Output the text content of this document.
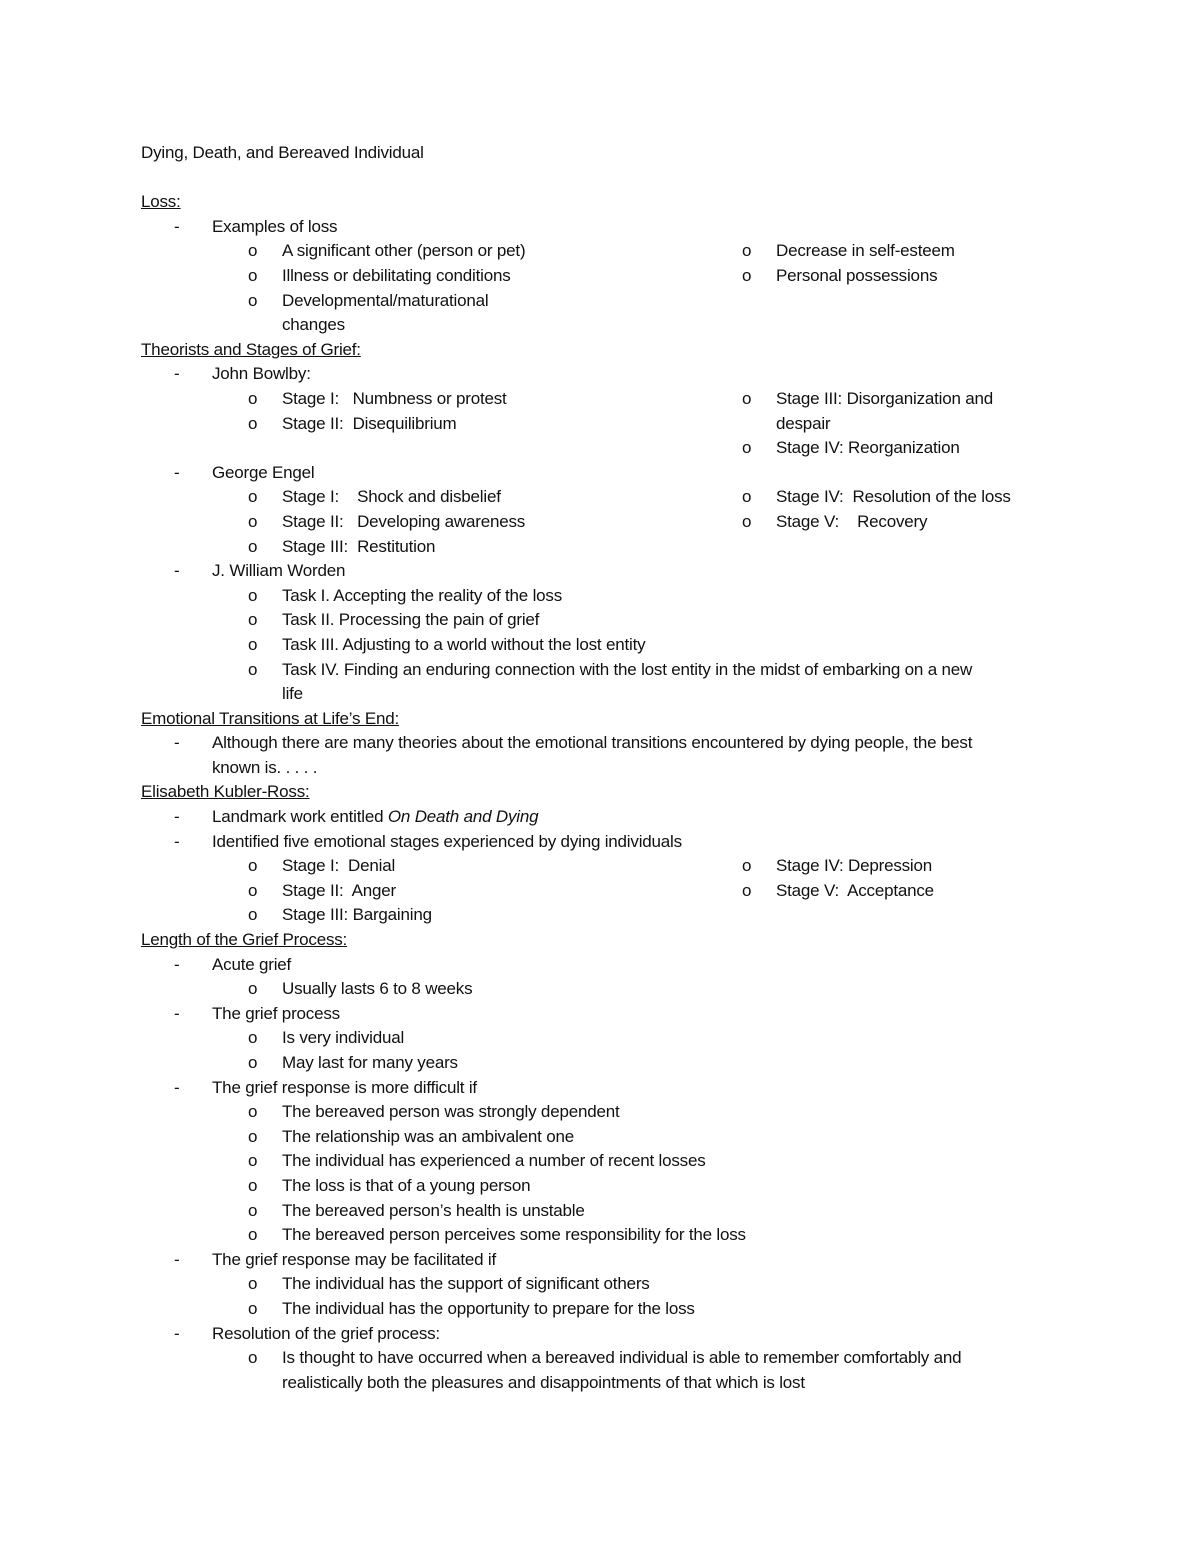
Dying, Death, and Bereaved Individual
Loss:
- Examples of loss
o A significant other (person or pet)
o Illness or debilitating conditions
o Developmental/maturational
changes
o Decrease in self-esteem
o Personal possessions
Theorists and Stages of Grief:
- John Bowlby:
o Stage I:   Numbness or protest
o Stage II:  Disequilibrium
o Stage III: Disorganization and
despair
o Stage IV: Reorganization
- George Engel
o Stage I:    Shock and disbelief
o Stage II:   Developing awareness
o Stage III:  Restitution
o Stage IV:  Resolution of the loss
o Stage V:    Recovery
- J. William Worden
o Task I. Accepting the reality of the loss
o Task II. Processing the pain of grief
o Task III. Adjusting to a world without the lost entity
o Task IV. Finding an enduring connection with the lost entity in the midst of embarking on a new
life
Emotional Transitions at Life’s End:
- Although there are many theories about the emotional transitions encountered by dying people, the best
known is. . . . .
Elisabeth Kubler-Ross:
- Landmark work entitled On Death and Dying
- Identified five emotional stages experienced by dying individuals
o Stage I:  Denial
o Stage II:  Anger
o Stage III: Bargaining
o Stage IV: Depression
o Stage V:  Acceptance
Length of the Grief Process:
- Acute grief
o Usually lasts 6 to 8 weeks
- The grief process
o Is very individual
o May last for many years
- The grief response is more difficult if
o The bereaved person was strongly dependent
o The relationship was an ambivalent one
o The individual has experienced a number of recent losses
o The loss is that of a young person
o The bereaved person’s health is unstable
o The bereaved person perceives some responsibility for the loss
- The grief response may be facilitated if
o The individual has the support of significant others
o The individual has the opportunity to prepare for the loss
- Resolution of the grief process:
o Is thought to have occurred when a bereaved individual is able to remember comfortably and
realistically both the pleasures and disappointments of that which is lost
